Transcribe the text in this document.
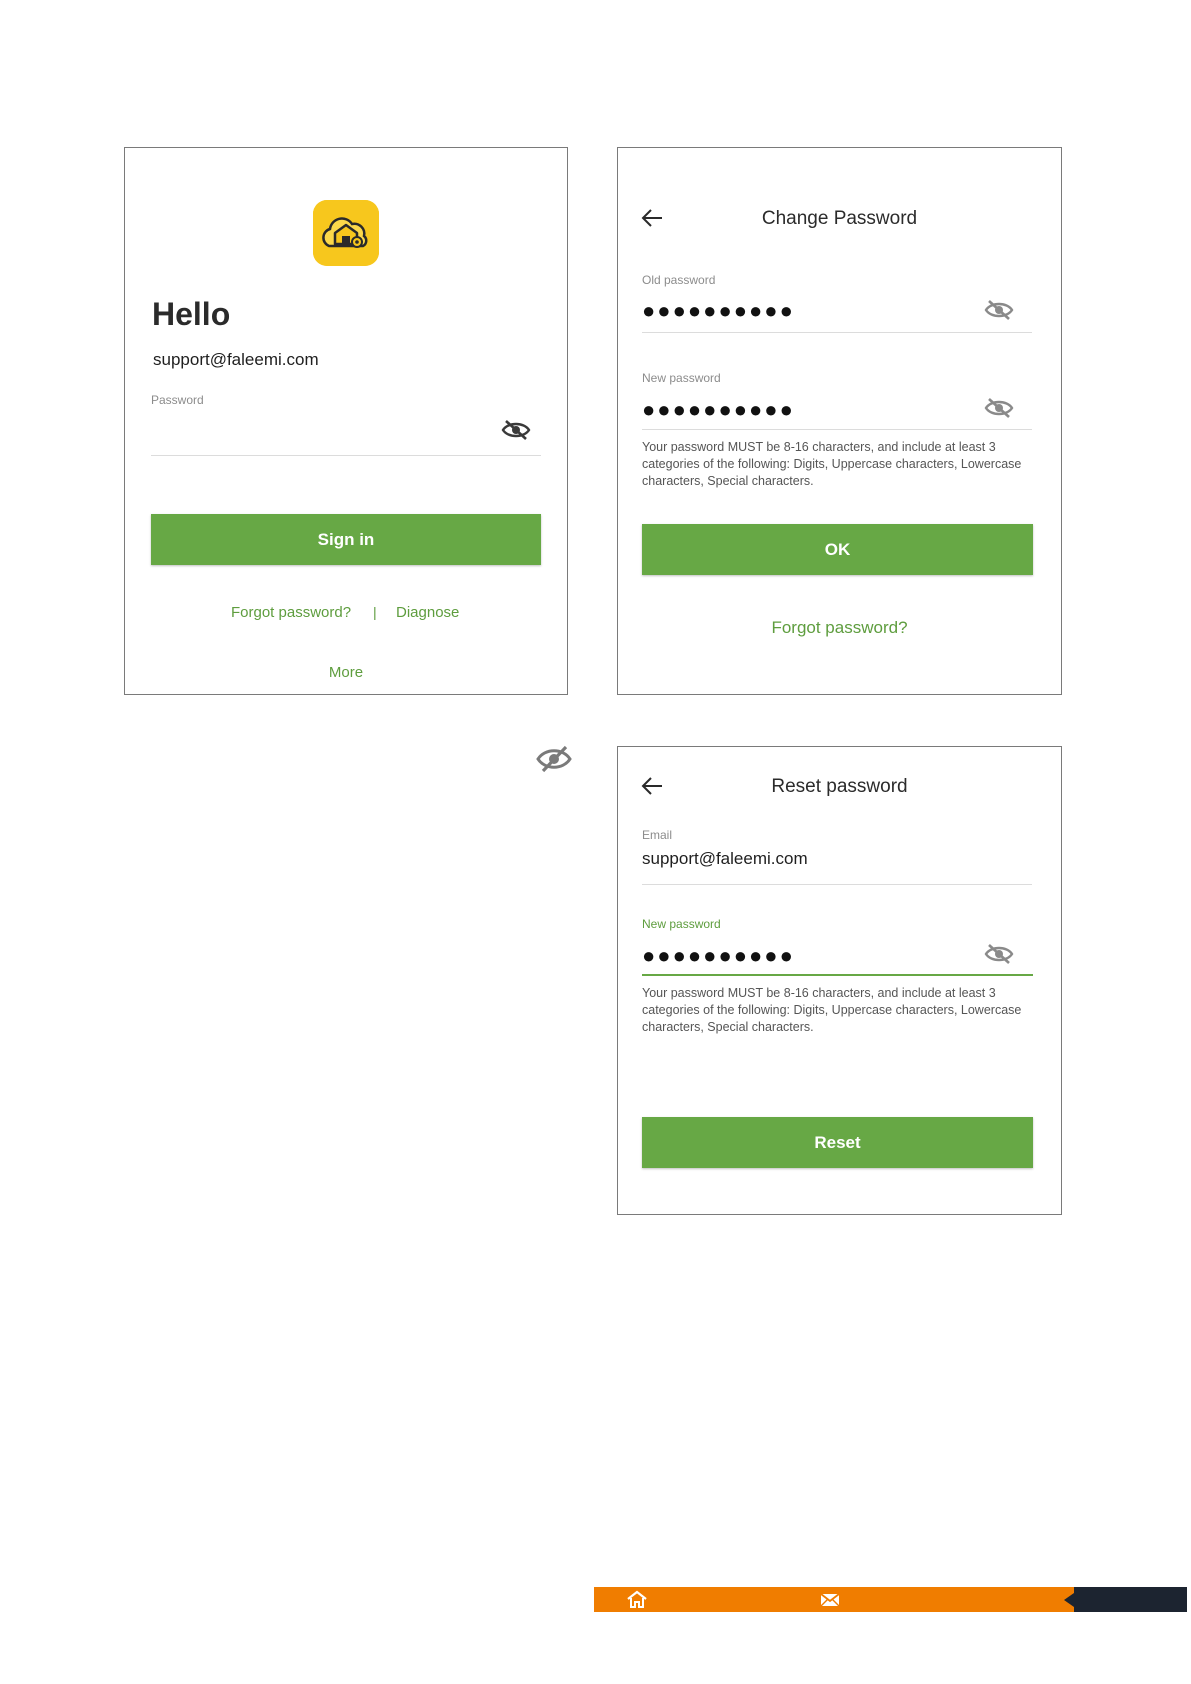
Hello
support@faleemi.com
Password
Sign in
Forgot password? | Diagnose
More
Change Password
Old password
●●●●●●●●●●
New password
●●●●●●●●●●
Your password MUST be 8-16 characters, and include at least 3 categories of the following: Digits, Uppercase characters, Lowercase characters, Special characters.
OK
Forgot password?
Reset password
Email
support@faleemi.com
New password
●●●●●●●●●●
Your password MUST be 8-16 characters, and include at least 3 categories of the following: Digits, Uppercase characters, Lowercase characters, Special characters.
Reset
